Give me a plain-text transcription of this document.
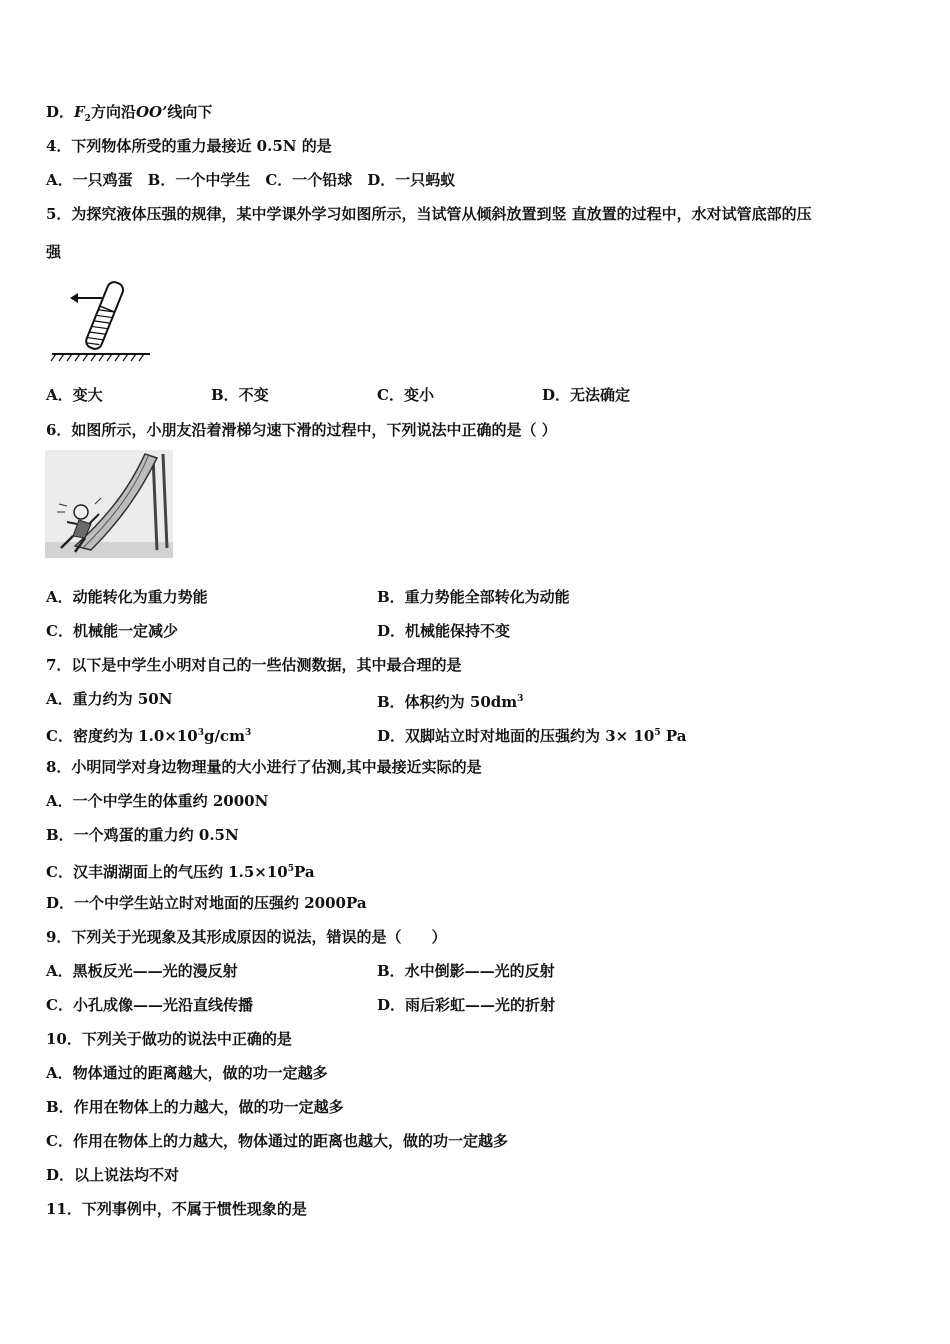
D．$F_2$方向沿OO’线向下
4．下列物体所受的重力最接近 0.5N 的是
A．一只鸡蛋　B．一个中学生　C．一个铅球　D．一只蚂蚁
5．为探究液体压强的规律，某中学课外学习如图所示，当试管从倾斜放置到竖 直放置的过程中，水对试管底部的压
强
A．变大	B．不变	C．变小	D．无法确定
6．如图所示，小朋友沿着滑梯匀速下滑的过程中，下列说法中正确的是（ ）
A．动能转化为重力势能	B．重力势能全部转化为动能
C．机械能一定减少	D．机械能保持不变
7．以下是中学生小明对自己的一些估测数据，其中最合理的是
A．重力约为 50N	B．体积约为 $50dm^3$
C．密度约为 $1.0\times 10^3g/cm^3$	D．双脚站立时对地面的压强约为 $3\times 10^5$ Pa
8．小明同学对身边物理量的大小进行了估测,其中最接近实际的是
A．一个中学生的体重约 2000N
B．一个鸡蛋的重力约 0.5N
C．汉丰湖湖面上的气压约 $1.5\times 10^5Pa$
D．一个中学生站立时对地面的压强约 2000Pa
9．下列关于光现象及其形成原因的说法，错误的是（　　）
A．黑板反光——光的漫反射	B．水中倒影——光的反射
C．小孔成像——光沿直线传播	D．雨后彩虹——光的折射
10．下列关于做功的说法中正确的是
A．物体通过的距离越大，做的功一定越多
B．作用在物体上的力越大，做的功一定越多
C．作用在物体上的力越大，物体通过的距离也越大，做的功一定越多
D．以上说法均不对
11．下列事例中，不属于惯性现象的是
